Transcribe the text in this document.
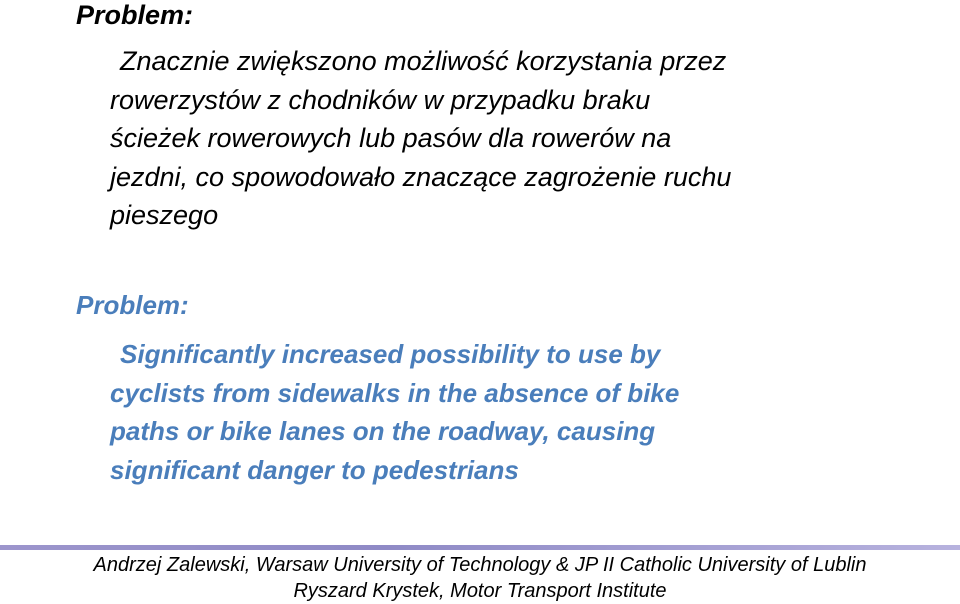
Problem:
Znacznie zwiększono możliwość korzystania przez
rowerzystów z chodników w przypadku braku
ścieżek rowerowych lub pasów dla rowerów na
jezdni, co spowodowało znaczące zagrożenie ruchu
pieszego
Problem:
Significantly increased possibility to use by
cyclists from sidewalks in the absence of bike
paths or bike lanes on the roadway, causing
significant danger to pedestrians
Andrzej Zalewski, Warsaw University of Technology & JP II Catholic University of Lublin
Ryszard Krystek, Motor Transport Institute
